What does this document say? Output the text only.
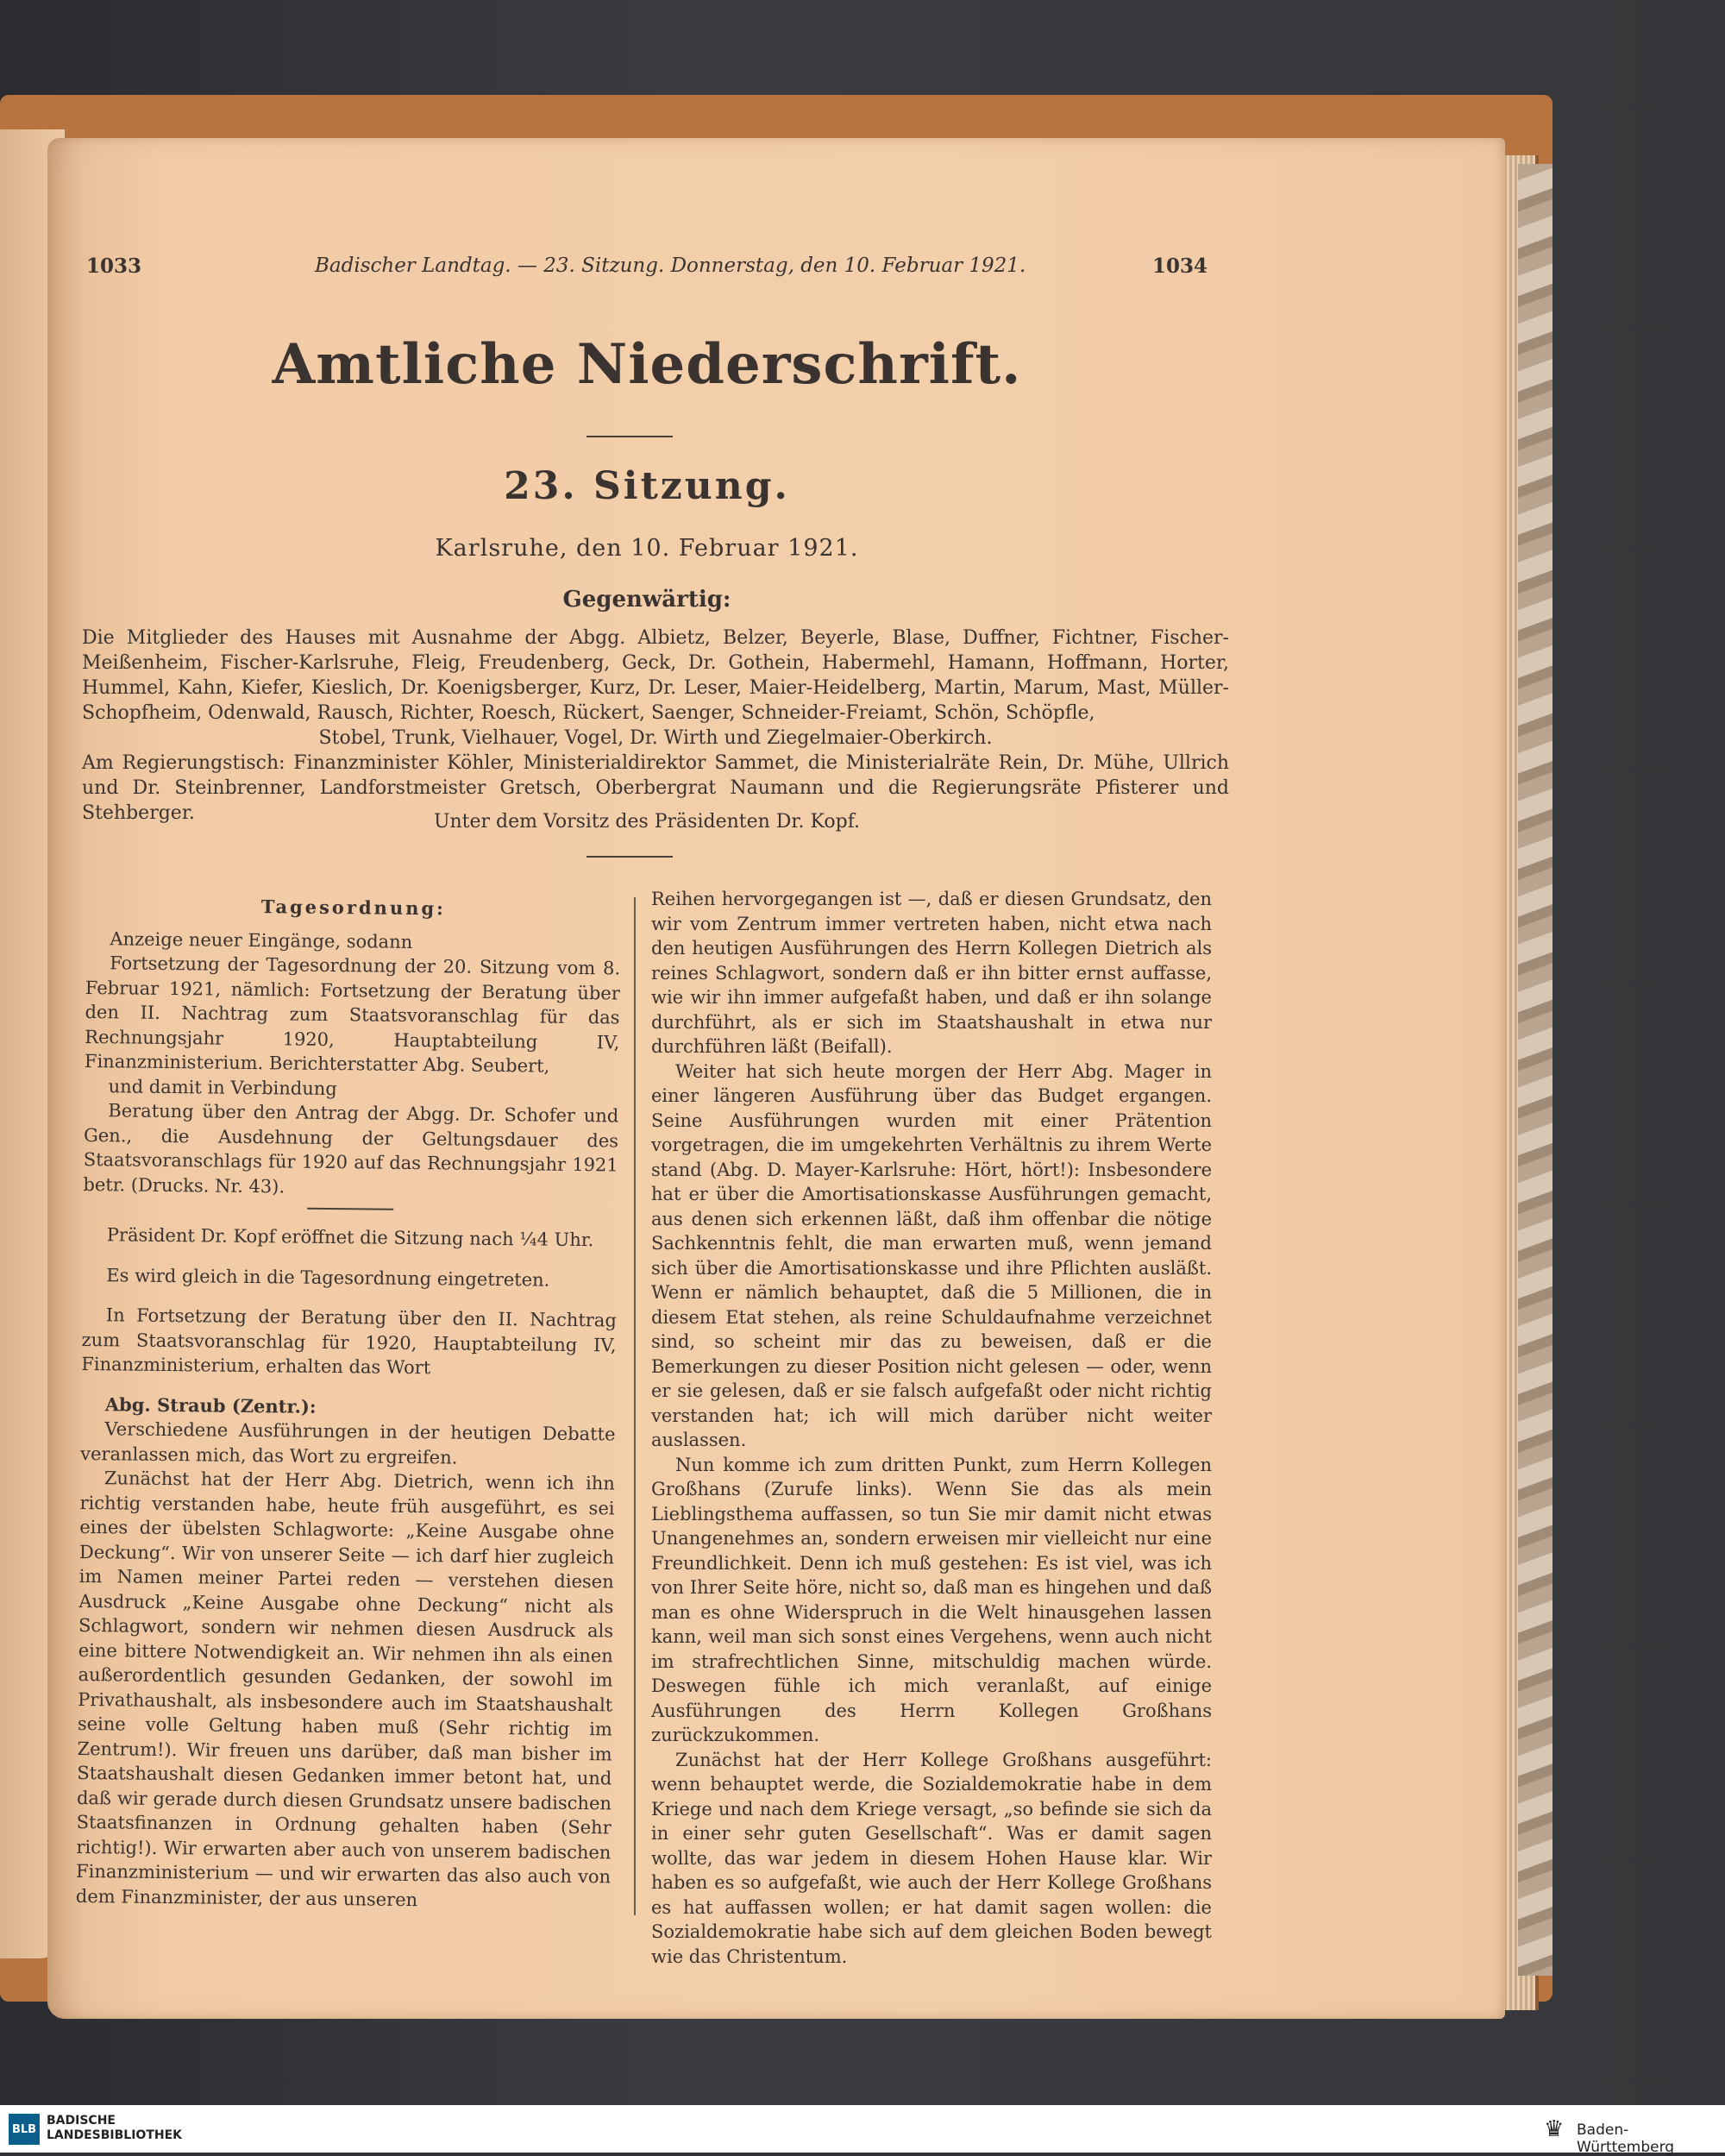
1033	Badischer Landtag. — 23. Sitzung. Donnerstag, den 10. Februar 1921.	1034
Amtliche Niederschrift.
23. Sitzung.
Karlsruhe, den 10. Februar 1921.
Gegenwärtig:

Die Mitglieder des Hauses mit Ausnahme der Abgg. Albietz, Belzer, Beyerle, Blase, Duffner, Fichtner, Fischer-Meißenheim, Fischer-Karlsruhe, Fleig, Freudenberg, Geck, Dr. Gothein, Habermehl, Hamann, Hoffmann, Horter, Hummel, Kahn, Kiefer, Kieslich, Dr. Koenigsberger, Kurz, Dr. Leser, Maier-Heidelberg, Martin, Marum, Mast, Müller-Schopfheim, Odenwald, Rausch, Richter, Roesch, Rückert, Saenger, Schneider-Freiamt, Schön, Schöpfle,

Stobel, Trunk, Vielhauer, Vogel, Dr. Wirth und Ziegelmaier-Oberkirch.

Am Regierungstisch: Finanzminister Köhler, Ministerialdirektor Sammet, die Ministerialräte Rein, Dr. Mühe, Ullrich und Dr. Steinbrenner, Landforstmeister Gretsch, Oberbergrat Naumann und die Regierungsräte Pfisterer und Stehberger.	Unter dem Vorsitz des Präsidenten Dr. Kopf.

Tagesordnung:

Anzeige neuer Eingänge, sodann

Fortsetzung der Tagesordnung der 20. Sitzung vom 8. Februar 1921, nämlich: Fortsetzung der Beratung über den II. Nachtrag zum Staatsvoranschlag für das Rechnungsjahr 1920, Hauptabteilung IV, Finanzministerium. Berichterstatter Abg. Seubert,

und damit in Verbindung

Beratung über den Antrag der Abgg. Dr. Schofer und Gen., die Ausdehnung der Geltungsdauer des Staatsvoranschlags für 1920 auf das Rechnungsjahr 1921 betr. (Drucks. Nr. 43).

Präsident Dr. Kopf eröffnet die Sitzung nach ¼4 Uhr.

Es wird gleich in die Tagesordnung eingetreten.

In Fortsetzung der Beratung über den II. Nachtrag zum Staatsvoranschlag für 1920, Hauptabteilung IV, Finanzministerium, erhalten das Wort

Abg. Straub (Zentr.):

Verschiedene Ausführungen in der heutigen Debatte veranlassen mich, das Wort zu ergreifen.

Zunächst hat der Herr Abg. Dietrich, wenn ich ihn richtig verstanden habe, heute früh ausgeführt, es sei eines der übelsten Schlagworte: „Keine Ausgabe ohne Deckung“. Wir von unserer Seite — ich darf hier zugleich im Namen meiner Partei reden — verstehen diesen Ausdruck „Keine Ausgabe ohne Deckung“ nicht als Schlagwort, sondern wir nehmen diesen Ausdruck als eine bittere Notwendigkeit an. Wir nehmen ihn als einen außerordentlich gesunden Gedanken, der sowohl im Privathaushalt, als insbesondere auch im Staatshaushalt seine volle Geltung haben muß (Sehr richtig im Zentrum!). Wir freuen uns darüber, daß man bisher im Staatshaushalt diesen Gedanken immer betont hat, und daß wir gerade durch diesen Grundsatz unsere badischen Staatsfinanzen in Ordnung gehalten haben (Sehr richtig!). Wir erwarten aber auch von unserem badischen Finanzministerium — und wir erwarten das also auch von dem Finanzminister, der aus unseren

Reihen hervorgegangen ist —, daß er diesen Grundsatz, den wir vom Zentrum immer vertreten haben, nicht etwa nach den heutigen Ausführungen des Herrn Kollegen Dietrich als reines Schlagwort, sondern daß er ihn bitter ernst auffasse, wie wir ihn immer aufgefaßt haben, und daß er ihn solange durchführt, als er sich im Staatshaushalt in etwa nur durchführen läßt (Beifall).

Weiter hat sich heute morgen der Herr Abg. Mager in einer längeren Ausführung über das Budget ergangen. Seine Ausführungen wurden mit einer Prätention vorgetragen, die im umgekehrten Verhältnis zu ihrem Werte stand (Abg. D. Mayer-Karlsruhe: Hört, hört!): Insbesondere hat er über die Amortisationskasse Ausführungen gemacht, aus denen sich erkennen läßt, daß ihm offenbar die nötige Sachkenntnis fehlt, die man erwarten muß, wenn jemand sich über die Amortisationskasse und ihre Pflichten ausläßt. Wenn er nämlich behauptet, daß die 5 Millionen, die in diesem Etat stehen, als reine Schuldaufnahme verzeichnet sind, so scheint mir das zu beweisen, daß er die Bemerkungen zu dieser Position nicht gelesen — oder, wenn er sie gelesen, daß er sie falsch aufgefaßt oder nicht richtig verstanden hat; ich will mich darüber nicht weiter auslassen.

Nun komme ich zum dritten Punkt, zum Herrn Kollegen Großhans (Zurufe links). Wenn Sie das als mein Lieblingsthema auffassen, so tun Sie mir damit nicht etwas Unangenehmes an, sondern erweisen mir vielleicht nur eine Freundlichkeit. Denn ich muß gestehen: Es ist viel, was ich von Ihrer Seite höre, nicht so, daß man es hingehen und daß man es ohne Widerspruch in die Welt hinausgehen lassen kann, weil man sich sonst eines Vergehens, wenn auch nicht im strafrechtlichen Sinne, mitschuldig machen würde. Deswegen fühle ich mich veranlaßt, auf einige Ausführungen des Herrn Kollegen Großhans zurückzukommen.

Zunächst hat der Herr Kollege Großhans ausgeführt: wenn behauptet werde, die Sozialdemokratie habe in dem Kriege und nach dem Kriege versagt, „so befinde sie sich da in einer sehr guten Gesellschaft“. Was er damit sagen wollte, das war jedem in diesem Hohen Hause klar. Wir haben es so aufgefaßt, wie auch der Herr Kollege Großhans es hat auffassen wollen; er hat damit sagen wollen: die Sozialdemokratie habe sich auf dem gleichen Boden bewegt wie das Christentum.

BLB
BADISCHE
LANDESBIBLIOTHEK	♛ Baden-Württemberg
